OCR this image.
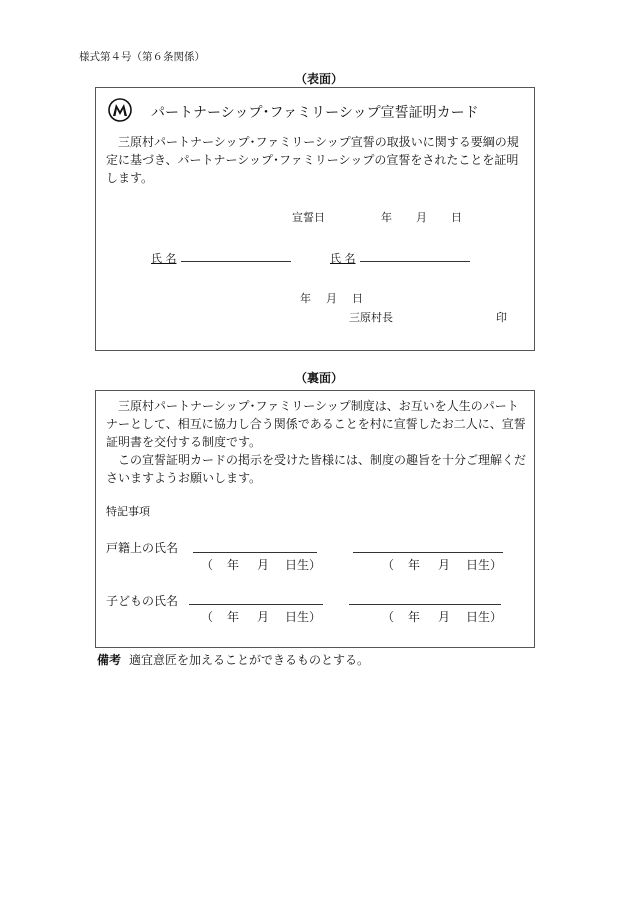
様式第４号（第６条関係）
（表面）
パートナーシップ･ファミリーシップ宣誓証明カード
三原村パートナーシップ･ファミリーシップ宣誓の取扱いに関する要綱の規定に基づき、パートナーシップ･ファミリーシップの宣誓をされたことを証明します。
宣誓日	年 月 日
氏 名	氏 名
年 月 日
三原村長	印
（裏面）
三原村パートナーシップ･ファミリーシップ制度は、お互いを人生のパートナーとして、相互に協力し合う関係であることを村に宣誓したお二人に、宣誓証明書を交付する制度です。
この宣誓証明カードの掲示を受けた皆様には、制度の趣旨を十分ご理解くださいますようお願いします。
特記事項
戸籍上の氏名
（ 年 月 日生）	（ 年 月 日生）
子どもの氏名
（ 年 月 日生）	（ 年 月 日生）
備考 適宜意匠を加えることができるものとする。
